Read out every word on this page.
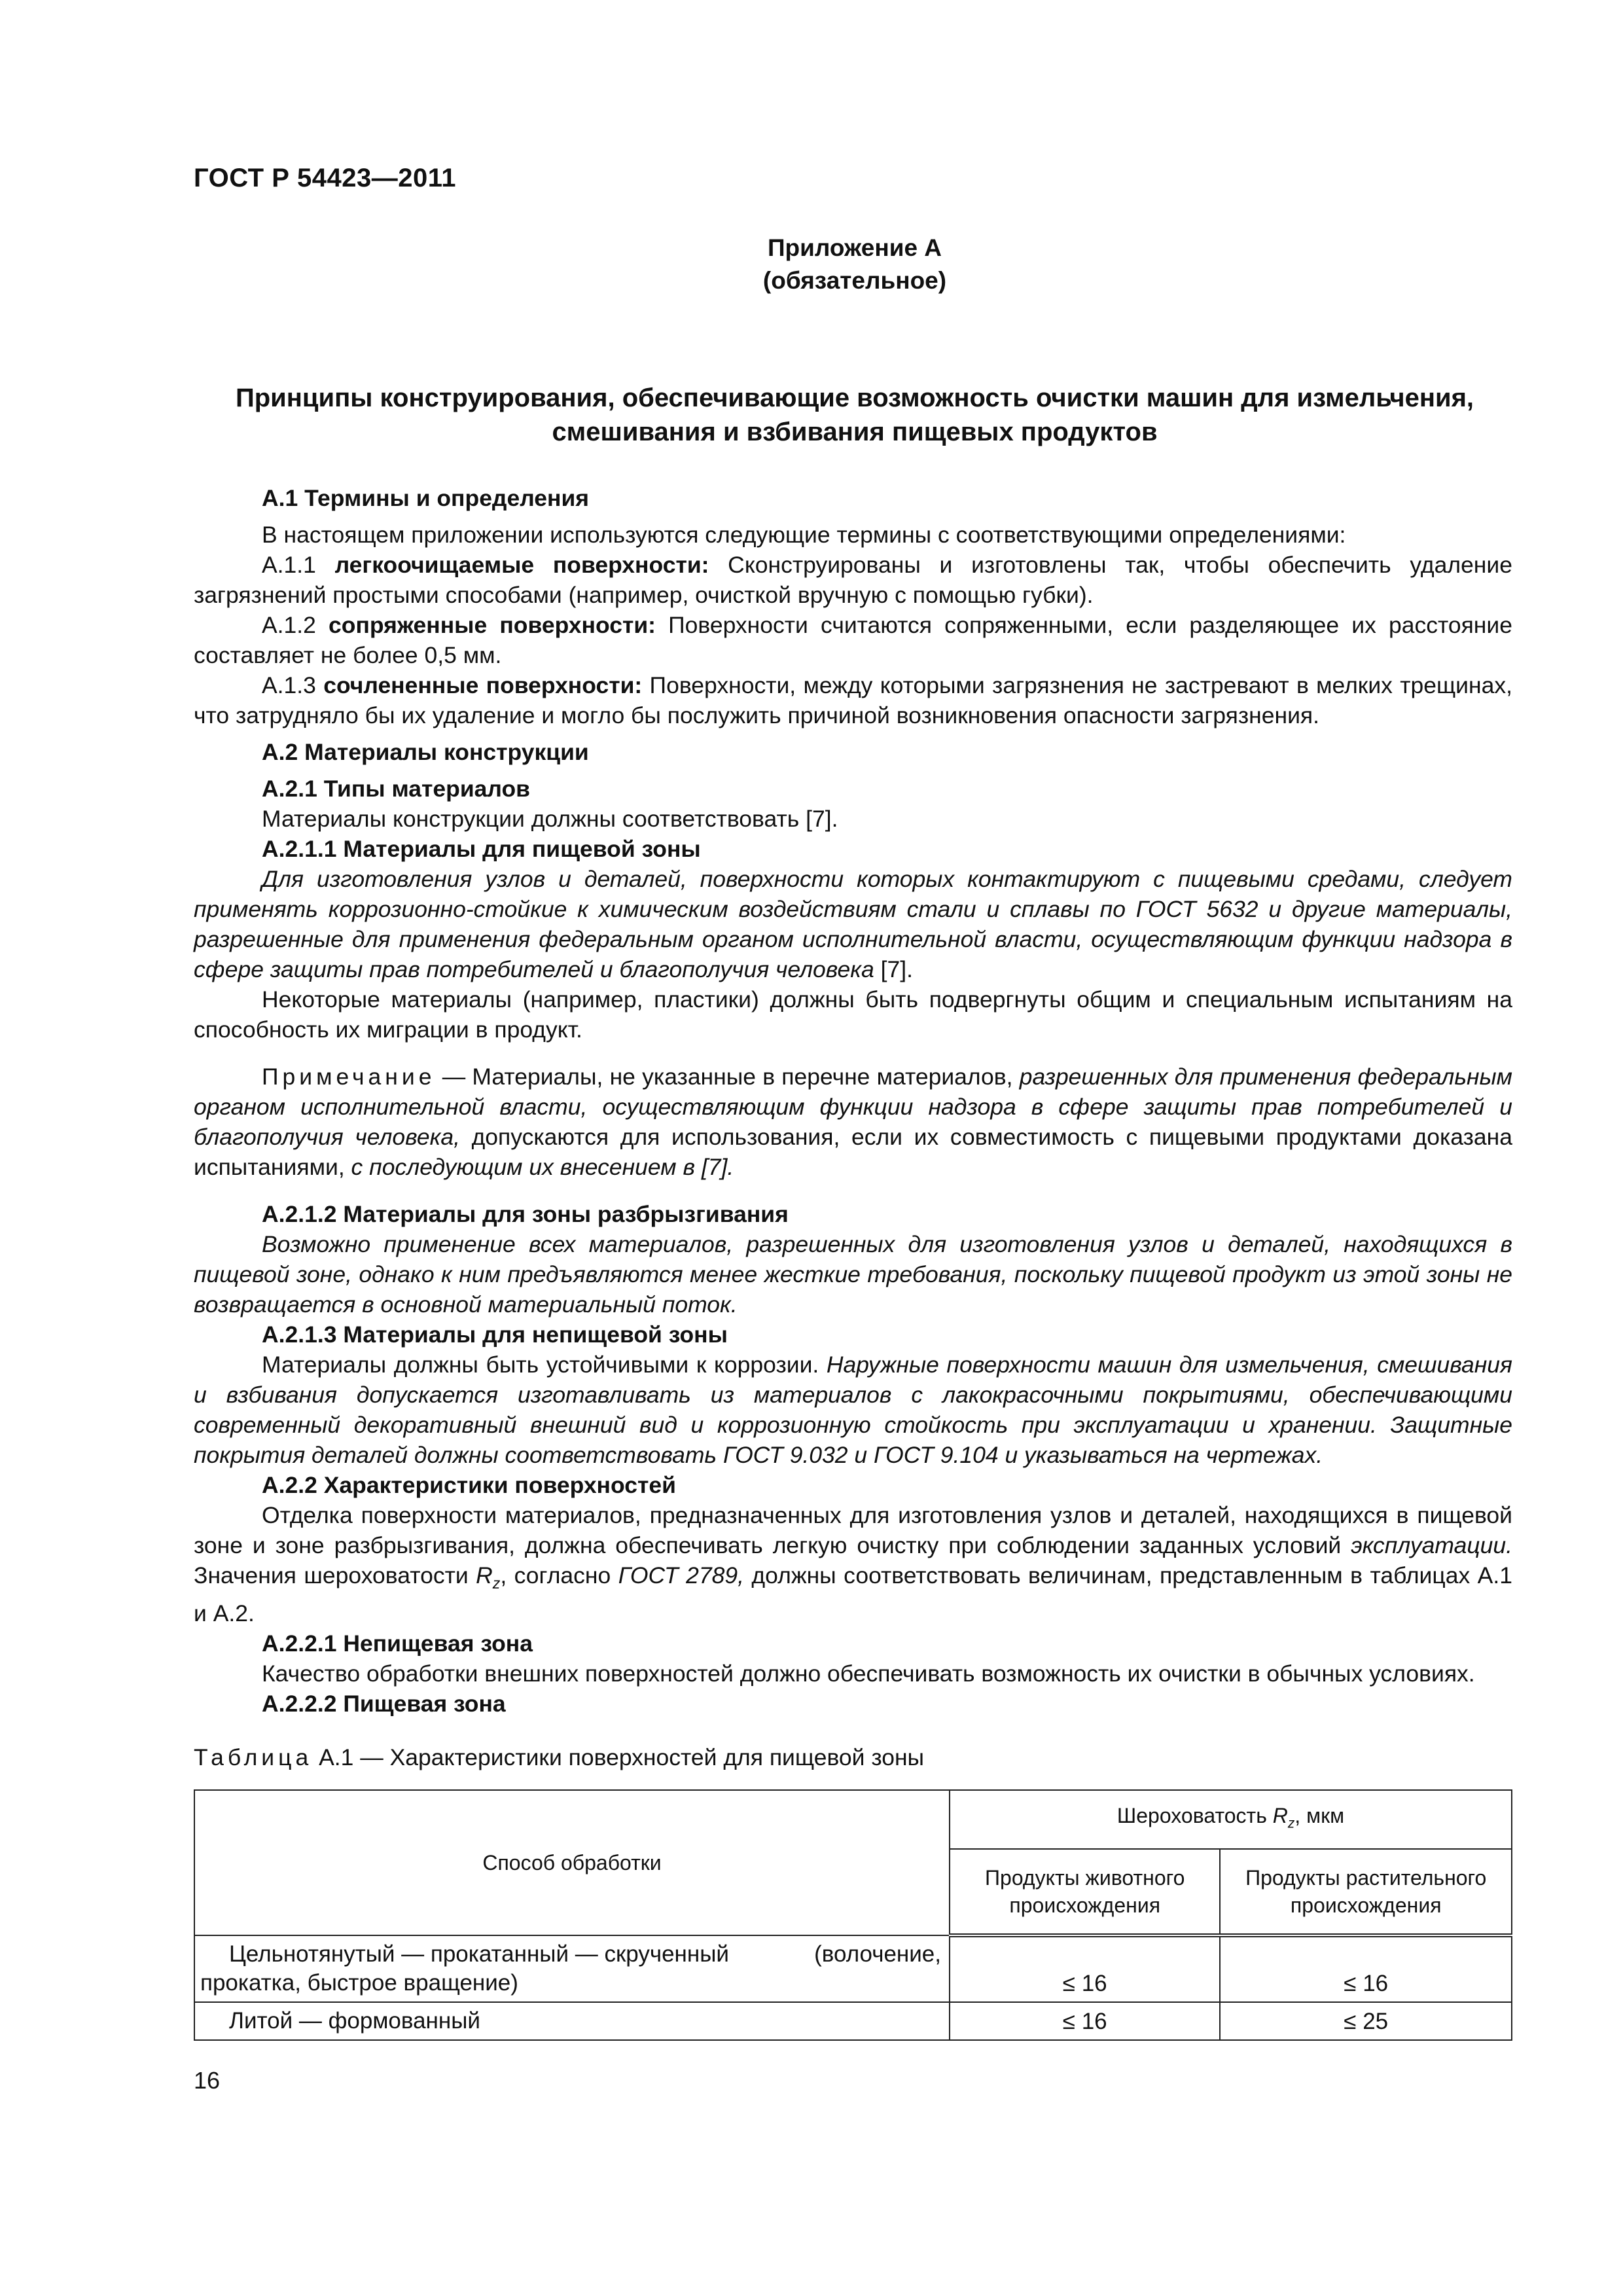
ГОСТ Р 54423—2011
Приложение А
(обязательное)
Принципы конструирования, обеспечивающие возможность очистки машин для измельчения,
смешивания и взбивания пищевых продуктов

А.1 Термины и определения

В настоящем приложении используются следующие термины с соответствующими определениями:

А.1.1 легкоочищаемые поверхности: Сконструированы и изготовлены так, чтобы обеспечить удаление загрязнений простыми способами (например, очисткой вручную с помощью губки).

А.1.2 сопряженные поверхности: Поверхности считаются сопряженными, если разделяющее их расстояние составляет не более 0,5 мм.

А.1.3 сочлененные поверхности: Поверхности, между которыми загрязнения не застревают в мелких трещинах, что затрудняло бы их удаление и могло бы послужить причиной возникновения опасности загрязнения.

А.2 Материалы конструкции

А.2.1 Типы материалов

Материалы конструкции должны соответствовать [7].

А.2.1.1 Материалы для пищевой зоны

Для изготовления узлов и деталей, поверхности которых контактируют с пищевыми средами, следует применять коррозионно-стойкие к химическим воздействиям стали и сплавы по ГОСТ 5632 и другие материалы, разрешенные для применения федеральным органом исполнительной власти, осуществляющим функции надзора в сфере защиты прав потребителей и благополучия человека [7].

Некоторые материалы (например, пластики) должны быть подвергнуты общим и специальным испытаниям на способность их миграции в продукт.

Примечание — Материалы, не указанные в перечне материалов, разрешенных для применения федеральным органом исполнительной власти, осуществляющим функции надзора в сфере защиты прав потребителей и благополучия человека, допускаются для использования, если их совместимость с пищевыми продуктами доказана испытаниями, с последующим их внесением в [7].

А.2.1.2 Материалы для зоны разбрызгивания

Возможно применение всех материалов, разрешенных для изготовления узлов и деталей, находящихся в пищевой зоне, однако к ним предъявляются менее жесткие требования, поскольку пищевой продукт из этой зоны не возвращается в основной материальный поток.

А.2.1.3 Материалы для непищевой зоны

Материалы должны быть устойчивыми к коррозии. Наружные поверхности машин для измельчения, смешивания и взбивания допускается изготавливать из материалов с лакокрасочными покрытиями, обеспечивающими современный декоративный внешний вид и коррозионную стойкость при эксплуатации и хранении. Защитные покрытия деталей должны соответствовать ГОСТ 9.032 и ГОСТ 9.104 и указываться на чертежах.

А.2.2 Характеристики поверхностей

Отделка поверхности материалов, предназначенных для изготовления узлов и деталей, находящихся в пищевой зоне и зоне разбрызгивания, должна обеспечивать легкую очистку при соблюдении заданных условий эксплуатации. Значения шероховатости $R_z$, согласно ГОСТ 2789, должны соответствовать величинам, представленным в таблицах А.1 и А.2.

А.2.2.1 Непищевая зона

Качество обработки внешних поверхностей должно обеспечивать возможность их очистки в обычных условиях.

А.2.2.2 Пищевая зона

Таблица А.1 — Характеристики поверхностей для пищевой зоны

Способ обработки	Шероховатость $R_z$, мкм	
	Продукты животного происхождения	Продукты растительного происхождения
Цельнотянутый — прокатанный — скрученный (волочение, прокатка, быстрое вращение)	≤ 16	≤ 16
Литой — формованный	≤ 16	≤ 25
16
